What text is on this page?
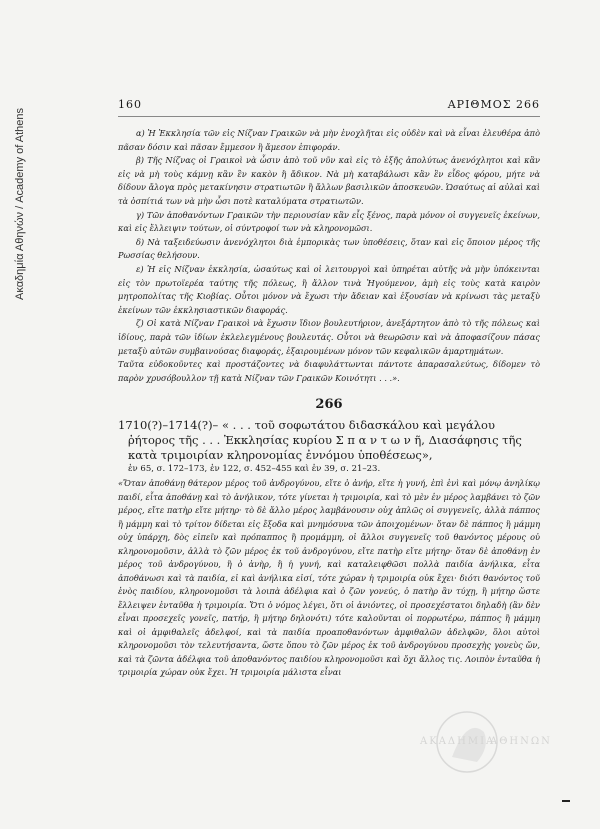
Ακαδημία Αθηνών / Academy of Athens
160	ΑΡΙΘΜΟΣ 266

α) Ἡ Ἐκκλησία τῶν εἰς Νίζναν Γραικῶν νὰ μὴν ἐνοχλῆται εἰς οὐδὲν καὶ νὰ εἶναι ἐλευθέρα ἀπὸ πᾶσαν δόσιν καὶ πᾶσαν ἔμμεσον ἢ ἄμεσον ἐπιφοράν.

β) Τῆς Νίζνας οἱ Γραικοὶ νὰ ὦσιν ἀπὸ τοῦ νῦν καὶ εἰς τὸ ἑξῆς ἀπολύτως ἀνενόχλητοι καὶ κἂν εἰς νὰ μὴ τοὺς κάμνῃ κἂν ἓν κακὸν ἢ ἄδικον. Νὰ μὴ καταβάλωσι κἂν ἓν εἶδος φόρου, μήτε νὰ δίδουν ἄλογα πρὸς μετακίνησιν στρατιωτῶν ἢ ἄλλων βασιλικῶν ἀποσκευῶν. Ὡσαύτως αἱ αὐλαὶ καὶ τὰ ὀσπίτιά των νὰ μὴν ὦσι ποτὲ καταλύματα στρατιωτῶν.

γ) Τῶν ἀποθανόντων Γραικῶν τὴν περιουσίαν κἂν εἶς ξένος, παρὰ μόνον οἱ συγγενεῖς ἐκείνων, καὶ εἰς ἔλλειψιν τούτων, οἱ σύντροφοί των νὰ κληρονομῶσι.

δ) Νὰ ταξειδεύωσιν ἀνενόχλητοι διὰ ἐμπορικὰς των ὑποθέσεις, ὅταν καὶ εἰς ὅποιον μέρος τῆς Ρωσσίας θελήσουν.

ε) Ἡ εἰς Νίζναν ἐκκλησία, ὡσαύτως καὶ οἱ λειτουργοὶ καὶ ὑπηρέται αὐτῆς νὰ μὴν ὑπόκεινται εἰς τὸν πρωτοϊερέα ταύτης τῆς πόλεως, ἢ ἄλλον τινὰ Ἡγούμενον, ἀμὴ εἰς τοὺς κατὰ καιρὸν μητροπολίτας τῆς Κιοβίας. Οὗτοι μόνον νὰ ἔχωσι τὴν ἄδειαν καὶ ἐξουσίαν νὰ κρίνωσι τὰς μεταξὺ ἐκείνων τῶν ἐκκλησιαστικῶν διαφοράς.

ζ) Οἱ κατὰ Νίζναν Γραικοὶ νὰ ἔχωσιν ἴδιον βουλευτήριον, ἀνεξάρτητον ἀπὸ τὸ τῆς πόλεως καὶ ἰδίους, παρὰ τῶν ἰδίων ἐκλελεγμένους βουλευτάς. Οὗτοι νὰ θεωρῶσιν καὶ νὰ ἀποφασίζουν πάσας μεταξὺ αὐτῶν συμβαινούσας διαφοράς, ἐξαιρουμένων μόνον τῶν κεφαλικῶν ἁμαρτημάτων.

Ταῦτα εὐδοκοῦντες καὶ προστάζοντες νὰ διαφυλάττωνται πάντοτε ἀπαρασαλεύτως, δίδομεν τὸ παρὸν χρυσόβουλλον τῇ κατὰ Νίζναν τῶν Γραικῶν Κοινότητι . . .».

266
1710(?)–1714(?)– « . . . τοῦ σοφωτάτου διδασκάλου καὶ μεγάλου ῥήτορος τῆς . . . Ἐκκλησίας κυρίου Σ π α ν τ ω ν ῆ, Διασάφησις τῆς κατὰ τριμοιρίαν κληρονομίας ἐννόμου ὑποθέσεως»,
ἐν 65, σ. 172–173, ἐν 122, σ. 452–455 καὶ ἐν 39, σ. 21–23.

«Ὅταν ἀποθάνῃ θάτερον μέρος τοῦ ἀνδρογύνου, εἴτε ὁ ἀνήρ, εἴτε ἡ γυνή, ἐπὶ ἑνὶ καὶ μόνῳ ἀνηλίκῳ παιδί, εἶτα ἀποθάνῃ καὶ τὸ ἀνήλικον, τότε γίνεται ἡ τριμοιρία, καὶ τὸ μὲν ἐν μέρος λαμβάνει τὸ ζῶν μέρος, εἴτε πατὴρ εἴτε μήτηρ· τὸ δὲ ἄλλο μέρος λαμβάνουσιν οὐχ ἁπλῶς οἱ συγγενεῖς, ἀλλὰ πάππος ἢ μάμμη καὶ τὸ τρίτον δίδεται εἰς ἔξοδα καὶ μνημόσυνα τῶν ἀποιχομένων· ὅταν δὲ πάππος ἢ μάμμη οὐχ ὑπάρχη, δὸς εἰπεῖν καὶ πρόπαππος ἢ προμάμμη, οἱ ἄλλοι συγγενεῖς τοῦ θανόντος μέρους οὐ κληρονομοῦσιν, ἀλλὰ τὸ ζῶν μέρος ἐκ τοῦ ἀνδρογύνου, εἴτε πατὴρ εἴτε μήτηρ· ὅταν δὲ ἀποθάνῃ ἐν μέρος τοῦ ἀνδρογύνου, ἢ ὁ ἀνὴρ, ἢ ἡ γυνή, καὶ καταλειφθῶσι πολλὰ παιδία ἀνήλικα, εἶτα ἀποθάνωσι καὶ τὰ παιδία, εἰ καὶ ἀνήλικα εἰσί, τότε χώραν ἡ τριμοιρία οὐκ ἔχει· διότι θανόντος τοῦ ἑνὸς παιδίου, κληρονομοῦσι τὰ λοιπὰ ἀδέλφια καὶ ὁ ζῶν γονεύς, ὁ πατὴρ ἂν τύχῃ, ἢ μήτηρ ὥστε ἔλλειψεν ἐνταῦθα ἡ τριμοιρία. Ὅτι ὁ νόμος λέγει, ὅτι οἱ ἀνιόντες, οἱ προσεχέστατοι δηλαδὴ (ἂν δὲν εἶναι προσεχεῖς γονεῖς, πατήρ, ἢ μήτηρ δηλονότι) τότε καλοῦνται οἱ πορρωτέρω, πάππος ἢ μάμμη καὶ οἱ ἀμφιθαλεῖς ἀδελφοί, καὶ τὰ παιδία προαποθανόντων ἀμφιθαλῶν ἀδελφῶν, ὅλοι αὐτοὶ κληρονομοῦσι τὸν τελευτήσαντα, ὥστε ὅπου τὸ ζῶν μέρος ἐκ τοῦ ἀνδρογύνου προσεχὴς γονεὺς ὤν, καὶ τὰ ζῶντα ἀδέλφια τοῦ ἀποθανόντος παιδίου κληρονομοῦσι καὶ ὄχι ἄλλος τις. Λοιπὸν ἐνταῦθα ἡ τριμοιρία χώραν οὐκ ἔχει. Ἡ τριμοιρία μάλιστα εἶναι

ΑΚΑΔΗΜΙΑ
ΑΘΗΝΩΝ
